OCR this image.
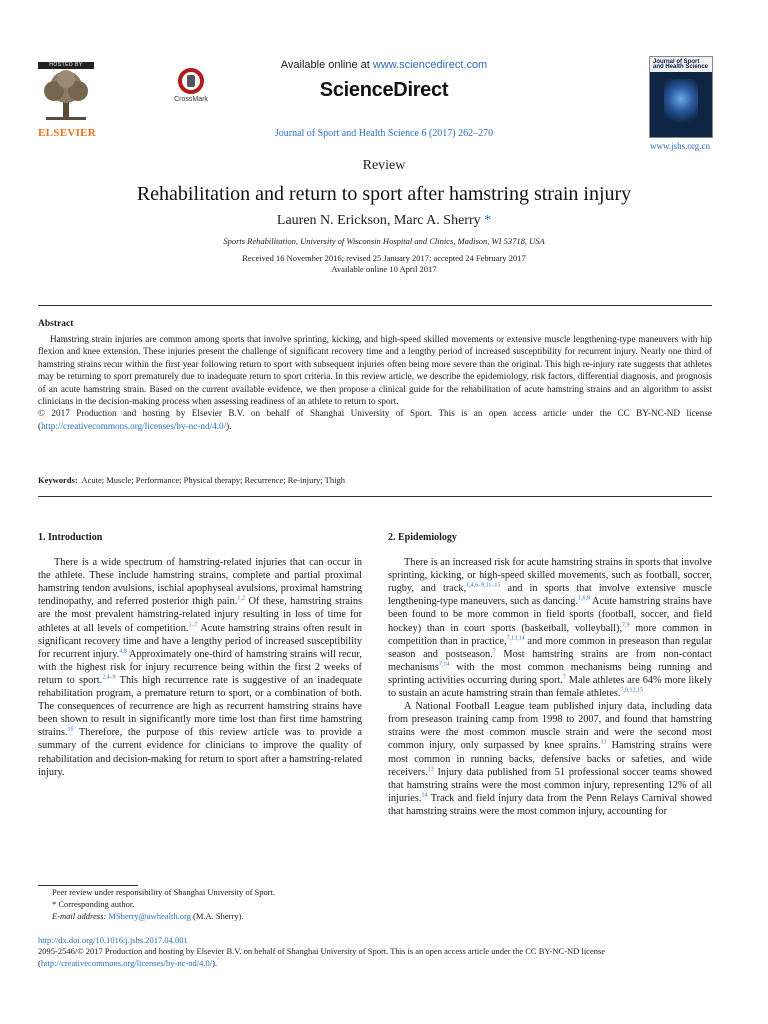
HOSTED BY
ELSEVIER
CrossMark
Available online at www.sciencedirect.com
ScienceDirect
Journal of Sport and Health Science 6 (2017) 262–270
Journal of Sport and Health Science
www.jshs.org.cn
Review
Rehabilitation and return to sport after hamstring strain injury
Lauren N. Erickson, Marc A. Sherry *
Sports Rehabilitation, University of Wisconsin Hospital and Clinics, Madison, WI 53718, USA
Received 16 November 2016; revised 25 January 2017; accepted 24 February 2017
Available online 10 April 2017
Abstract

Hamstring strain injuries are common among sports that involve sprinting, kicking, and high-speed skilled movements or extensive muscle lengthening-type maneuvers with hip flexion and knee extension. These injuries present the challenge of significant recovery time and a lengthy period of increased susceptibility for recurrent injury. Nearly one third of hamstring strains recur within the first year following return to sport with subsequent injuries often being more severe than the original. This high re-injury rate suggests that athletes may be returning to sport prematurely due to inadequate return to sport criteria. In this review article, we describe the epidemiology, risk factors, differential diagnosis, and prognosis of an acute hamstring strain. Based on the current available evidence, we then propose a clinical guide for the rehabilitation of acute hamstring strains and an algorithm to assist clinicians in the decision-making process when assessing readiness of an athlete to return to sport.

© 2017 Production and hosting by Elsevier B.V. on behalf of Shanghai University of Sport. This is an open access article under the CC BY-NC-ND license (http://creativecommons.org/licenses/by-nc-nd/4.0/).

Keywords: Acute; Muscle; Performance; Physical therapy; Recurrence; Re-injury; Thigh
1. Introduction

There is a wide spectrum of hamstring-related injuries that can occur in the athlete. These include hamstring strains, complete and partial proximal hamstring tendon avulsions, ischial apophyseal avulsions, proximal hamstring tendinopathy, and referred posterior thigh pain.$^{1,2}$ Of these, hamstring strains are the most prevalent hamstring-related injury resulting in loss of time for athletes at all levels of competition.$^{1-7}$ Acute hamstring strains often result in significant recovery time and have a lengthy period of increased susceptibility for recurrent injury.$^{4,8}$ Approximately one-third of hamstring strains will recur, with the highest risk for injury recurrence being within the first 2 weeks of return to sport.$^{2,4-9}$ This high recurrence rate is suggestive of an inadequate rehabilitation program, a premature return to sport, or a combination of both. The consequences of recurrence are high as recurrent hamstring strains have been shown to result in significantly more time lost than first time hamstring strains.$^{10}$ Therefore, the purpose of this review article was to provide a summary of the current evidence for clinicians to improve the quality of rehabilitation and decision-making for return to sport after a hamstring-related injury.

2. Epidemiology

There is an increased risk for acute hamstring strains in sports that involve sprinting, kicking, or high-speed skilled movements, such as football, soccer, rugby, and track,$^{1,4,6-9,11-15}$ and in sports that involve extensive muscle lengthening-type maneuvers, such as dancing.$^{1,6,8}$ Acute hamstring strains have been found to be more common in field sports (football, soccer, and field hockey) than in court sports (basketball, volleyball),$^{7,9}$ more common in competition than in practice,$^{7,13,14}$ and more common in preseason than regular season and postseason.$^7$ Most hamstring strains are from non-contact mechanisms$^{7,14}$ with the most common mechanisms being running and sprinting activities occurring during sport.$^7$ Male athletes are 64% more likely to sustain an acute hamstring strain than female athletes.$^{7,9,12,15}$

A National Football League team published injury data, including data from preseason training camp from 1998 to 2007, and found that hamstring strains were the most common muscle strain and were the second most common injury, only surpassed by knee sprains.$^{13}$ Hamstring strains were most common in running backs, defensive backs or safeties, and wide receivers.$^{13}$ Injury data published from 51 professional soccer teams showed that hamstring strains were the most common injury, representing 12% of all injuries.$^{14}$ Track and field injury data from the Penn Relays Carnival showed that hamstring strains were the most common injury, accounting for

Peer review under responsibility of Shanghai University of Sport.
* Corresponding author.
E-mail address: MSherry@uwhealth.org (M.A. Sherry).
http://dx.doi.org/10.1016/j.jshs.2017.04.001
2095-2546/© 2017 Production and hosting by Elsevier B.V. on behalf of Shanghai University of Sport. This is an open access article under the CC BY-NC-ND license (http://creativecommons.org/licenses/by-nc-nd/4.0/).
